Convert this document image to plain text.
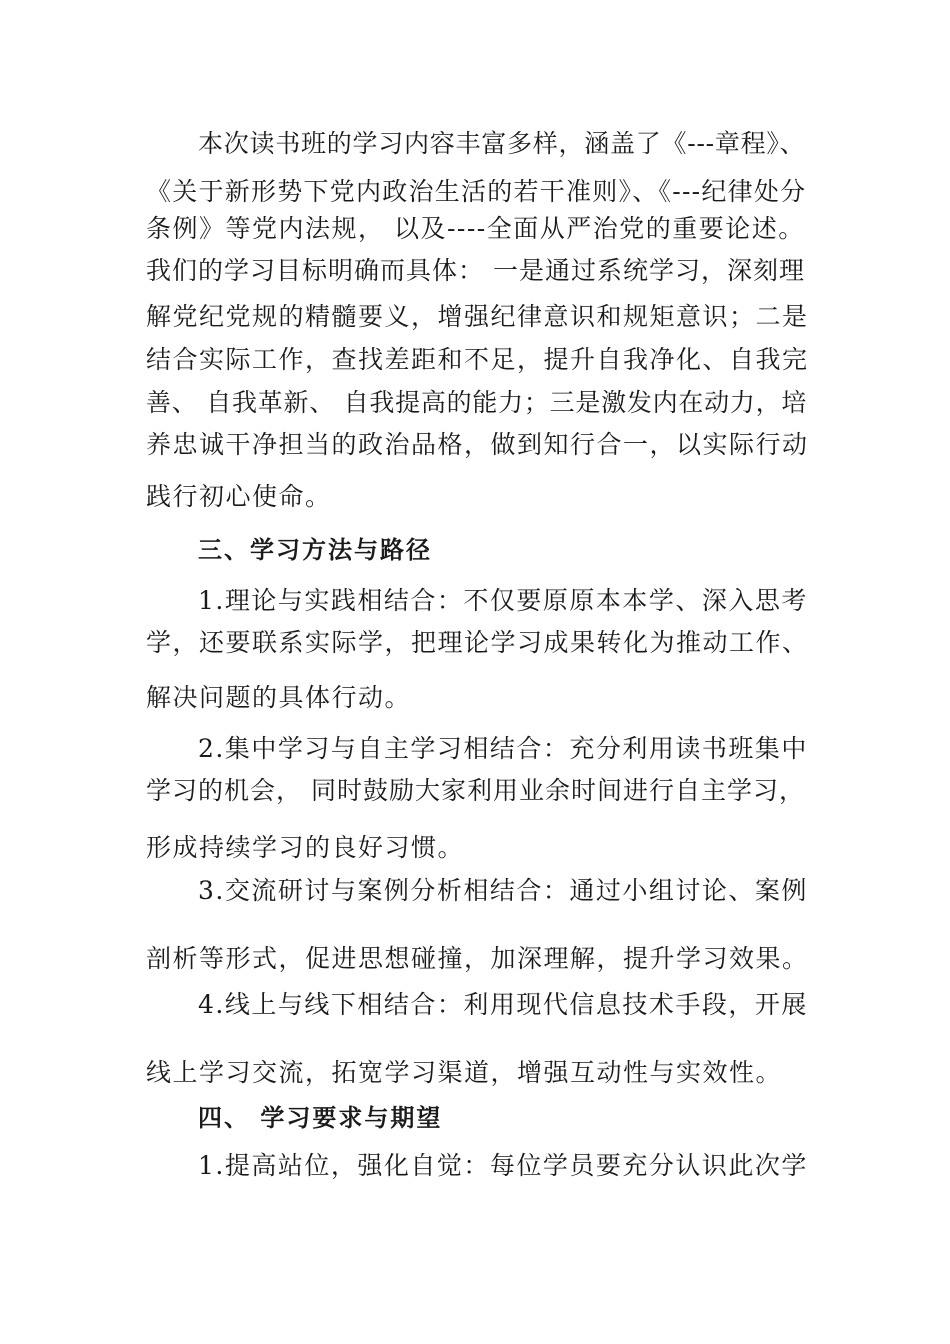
本次读书班的学习内容丰富多样，涵盖了《---章程》、
《关于新形势下党内政治生活的若干准则》、《---纪律处分
条例》等党内法规， 以及----全面从严治党的重要论述。
我们的学习目标明确而具体： 一是通过系统学习，深刻理
解党纪党规的精髓要义，增强纪律意识和规矩意识；二是
结合实际工作，查找差距和不足，提升自我净化、自我完
善、 自我革新、 自我提高的能力；三是激发内在动力，培
养忠诚干净担当的政治品格，做到知行合一，以实际行动
践行初心使命。
三、学习方法与路径
1.理论与实践相结合：不仅要原原本本学、深入思考
学，还要联系实际学，把理论学习成果转化为推动工作、
解决问题的具体行动。
2.集中学习与自主学习相结合：充分利用读书班集中
学习的机会， 同时鼓励大家利用业余时间进行自主学习，
形成持续学习的良好习惯。
3.交流研讨与案例分析相结合：通过小组讨论、案例
剖析等形式，促进思想碰撞，加深理解，提升学习效果。
4.线上与线下相结合：利用现代信息技术手段，开展
线上学习交流，拓宽学习渠道，增强互动性与实效性。
四、 学习要求与期望
1.提高站位，强化自觉：每位学员要充分认识此次学
